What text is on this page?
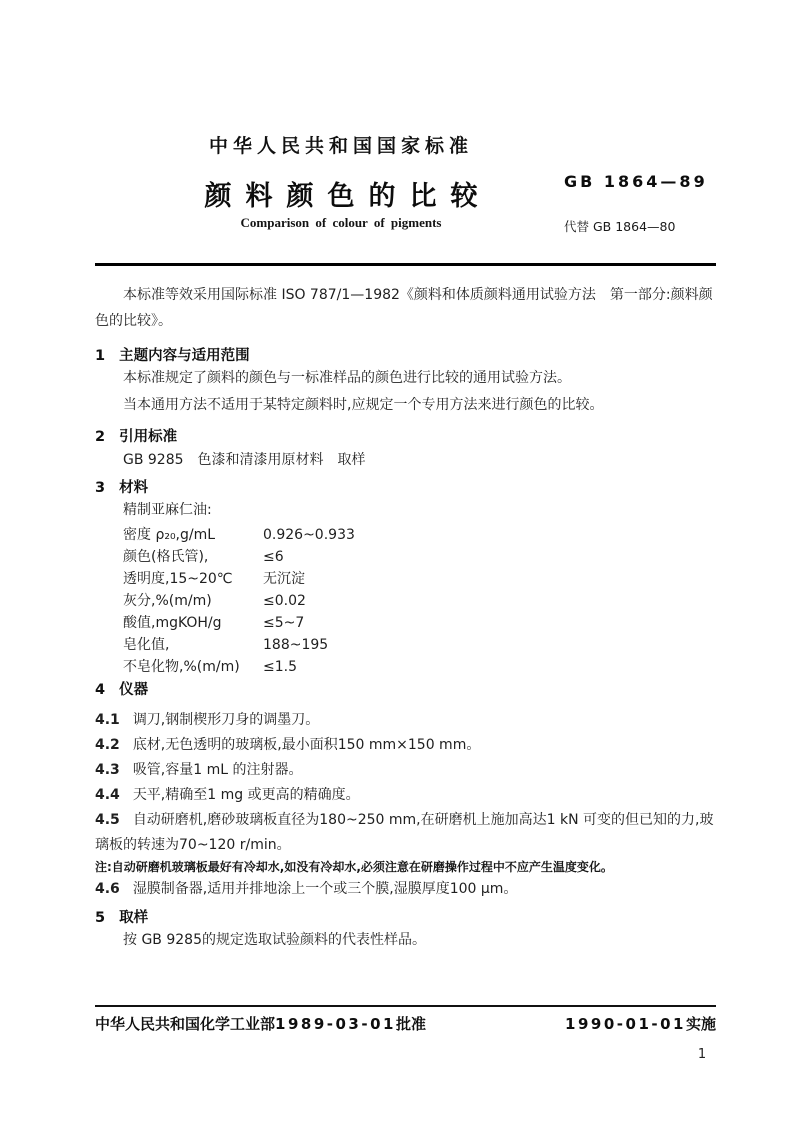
中华人民共和国国家标准
颜料颜色的比较
Comparison of colour of pigments
GB 1864—89
代替 GB 1864—80

本标准等效采用国际标准 ISO 787/1—1982《颜料和体质颜料通用试验方法　第一部分:颜料颜色的比较》。

1 主题内容与适用范围

本标准规定了颜料的颜色与一标准样品的颜色进行比较的通用试验方法。

当本通用方法不适用于某特定颜料时,应规定一个专用方法来进行颜色的比较。

2 引用标准

GB 9285　色漆和清漆用原材料　取样

3 材料

精制亚麻仁油:

密度 ρ₂₀,g/mL	0.926~0.933
颜色(格氏管),	≤6
透明度,15~20℃	无沉淀
灰分,%(m/m)	≤0.02
酸值,mgKOH/g	≤5~7
皂化值,	188~195
不皂化物,%(m/m)	≤1.5
4 仪器

4.1 调刀,钢制楔形刀身的调墨刀。

4.2 底材,无色透明的玻璃板,最小面积150 mm×150 mm。

4.3 吸管,容量1 mL 的注射器。

4.4 天平,精确至1 mg 或更高的精确度。

4.5 自动研磨机,磨砂玻璃板直径为180~250 mm,在研磨机上施加高达1 kN 可变的但已知的力,玻璃板的转速为70~120 r/min。

注:自动研磨机玻璃板最好有冷却水,如没有冷却水,必须注意在研磨操作过程中不应产生温度变化。

4.6 湿膜制备器,适用并排地涂上一个或三个膜,湿膜厚度100 μm。

5 取样

按 GB 9285的规定选取试验颜料的代表性样品。

中华人民共和国化学工业部1989-03-01批准	1990-01-01实施
1
